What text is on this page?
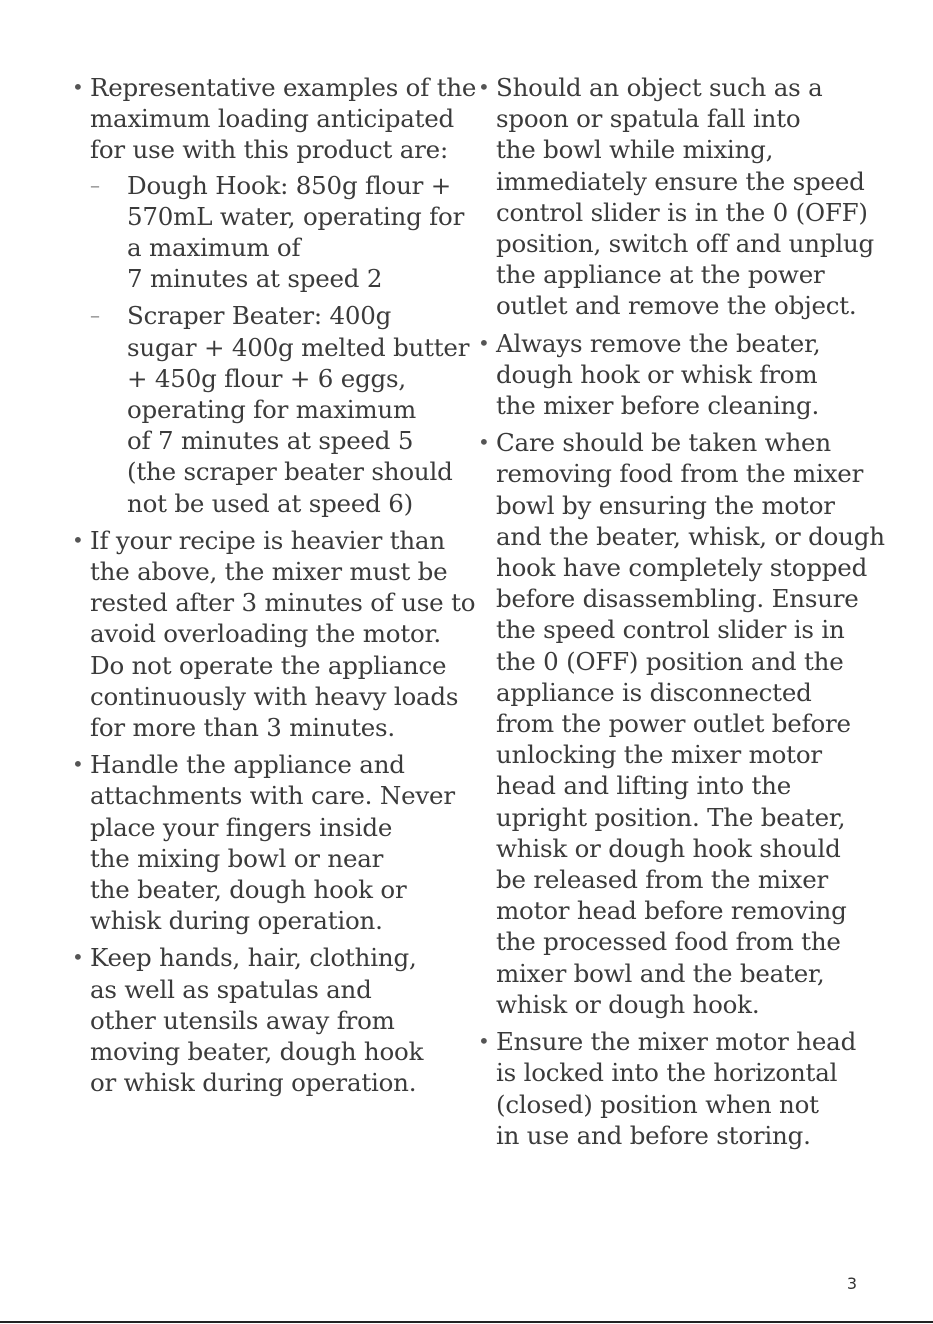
• Representative examples of the
maximum loading anticipated
for use with this product are:
– Dough Hook: 850g flour +
570mL water, operating for
a maximum of
7 minutes at speed 2
– Scraper Beater: 400g
sugar + 400g melted butter
+ 450g flour + 6 eggs,
operating for maximum
of 7 minutes at speed 5
(the scraper beater should
not be used at speed 6)
• If your recipe is heavier than
the above, the mixer must be
rested after 3 minutes of use to
avoid overloading the motor.
Do not operate the appliance
continuously with heavy loads
for more than 3 minutes.
• Handle the appliance and
attachments with care. Never
place your fingers inside
the mixing bowl or near
the beater, dough hook or
whisk during operation.
• Keep hands, hair, clothing,
as well as spatulas and
other utensils away from
moving beater, dough hook
or whisk during operation.
• Should an object such as a
spoon or spatula fall into
the bowl while mixing,
immediately ensure the speed
control slider is in the 0 (OFF)
position, switch off and unplug
the appliance at the power
outlet and remove the object.
• Always remove the beater,
dough hook or whisk from
the mixer before cleaning.
• Care should be taken when
removing food from the mixer
bowl by ensuring the motor
and the beater, whisk, or dough
hook have completely stopped
before disassembling. Ensure
the speed control slider is in
the 0 (OFF) position and the
appliance is disconnected
from the power outlet before
unlocking the mixer motor
head and lifting into the
upright position. The beater,
whisk or dough hook should
be released from the mixer
motor head before removing
the processed food from the
mixer bowl and the beater,
whisk or dough hook.
• Ensure the mixer motor head
is locked into the horizontal
(closed) position when not
in use and before storing.
3
